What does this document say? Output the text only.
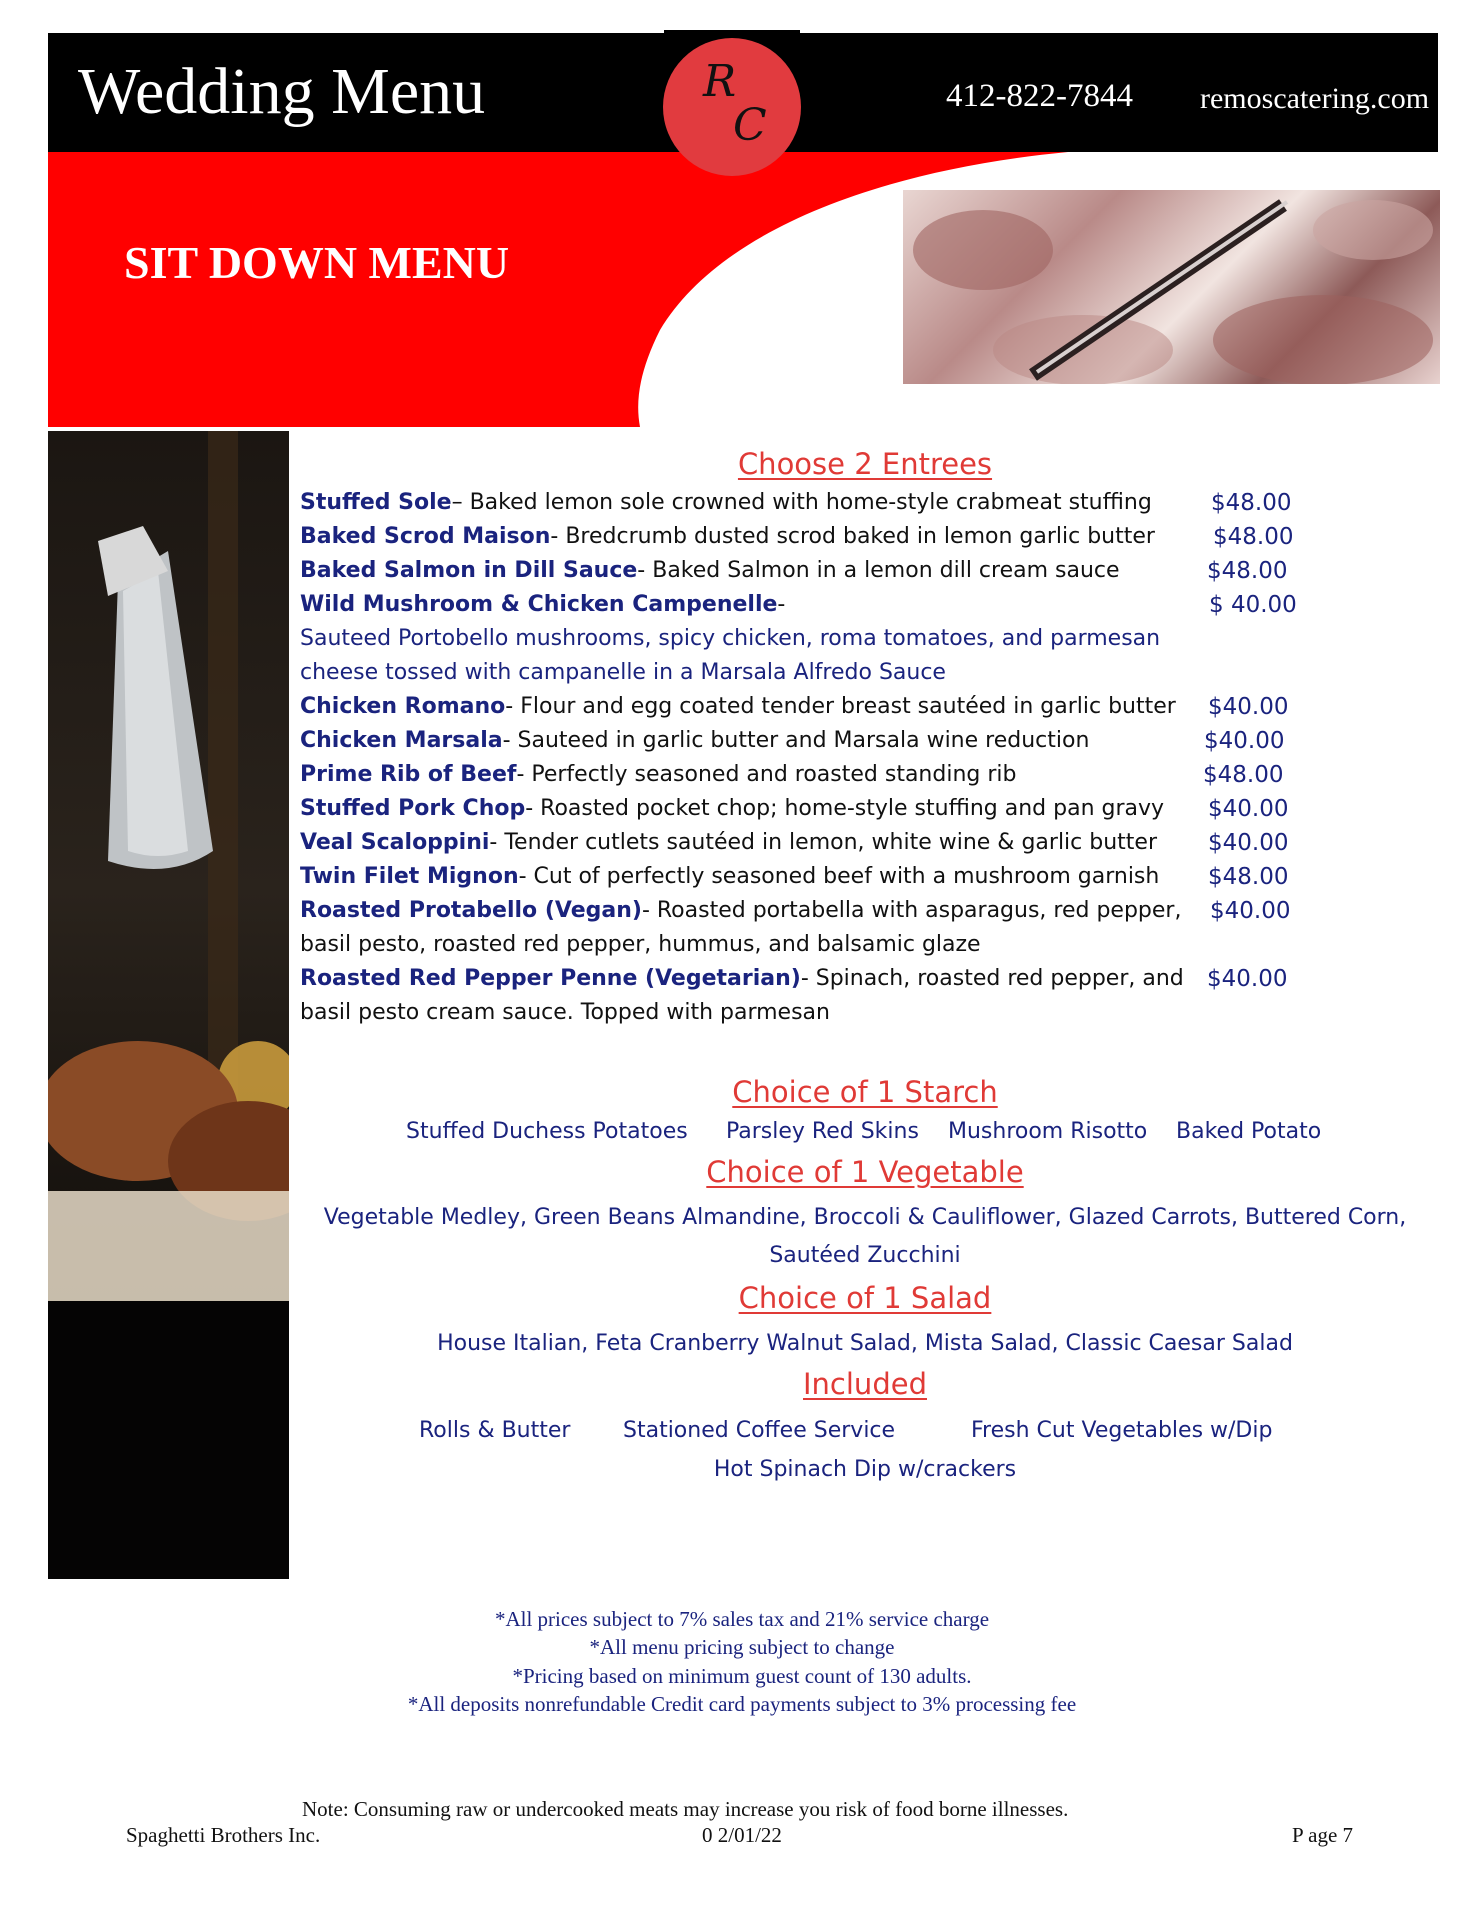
Wedding Menu	R
C
412-822-7844 remoscatering.com
SIT DOWN MENU
Choose 2 Entrees
Stuffed Sole– Baked lemon sole crowned with home-style crabmeat stuffing	$48.00
Baked Scrod Maison- Bredcrumb dusted scrod baked in lemon garlic butter	$48.00
Baked Salmon in Dill Sauce- Baked Salmon in a lemon dill cream sauce	$48.00
Wild Mushroom & Chicken Campenelle-	$ 40.00
Sauteed Portobello mushrooms, spicy chicken, roma tomatoes, and parmesan
cheese tossed with campanelle in a Marsala Alfredo Sauce
Chicken Romano- Flour and egg coated tender breast sautéed in garlic butter $40.00
Chicken Marsala- Sauteed in garlic butter and Marsala wine reduction	$40.00
Prime Rib of Beef- Perfectly seasoned and roasted standing rib	$48.00
Stuffed Pork Chop- Roasted pocket chop; home-style stuffing and pan gravy	$40.00
Veal Scaloppini- Tender cutlets sautéed in lemon, white wine & garlic butter	$40.00
Twin Filet Mignon- Cut of perfectly seasoned beef with a mushroom garnish	$48.00
Roasted Protabello (Vegan)- Roasted portabella with asparagus, red pepper, $40.00
basil pesto, roasted red pepper, hummus, and balsamic glaze
Roasted Red Pepper Penne (Vegetarian)- Spinach, roasted red pepper, and $40.00
basil pesto cream sauce. Topped with parmesan
Choice of 1 Starch
Stuffed Duchess Potatoes Parsley Red Skins Mushroom Risotto Baked Potato
Choice of 1 Vegetable
Vegetable Medley, Green Beans Almandine, Broccoli & Cauliflower, Glazed Carrots, Buttered Corn,
Sautéed Zucchini
Choice of 1 Salad
House Italian, Feta Cranberry Walnut Salad, Mista Salad, Classic Caesar Salad
Included
Rolls & Butter Stationed Coffee Service	Fresh Cut Vegetables w/Dip
Hot Spinach Dip w/crackers
*All prices subject to 7% sales tax and 21% service charge
*All menu pricing subject to change
*Pricing based on minimum guest count of 130 adults.
*All deposits nonrefundable Credit card payments subject to 3% processing fee
Note: Consuming raw or undercooked meats may increase you risk of food borne illnesses.
Spaghetti Brothers Inc.	0 2/01/22	P age 7
